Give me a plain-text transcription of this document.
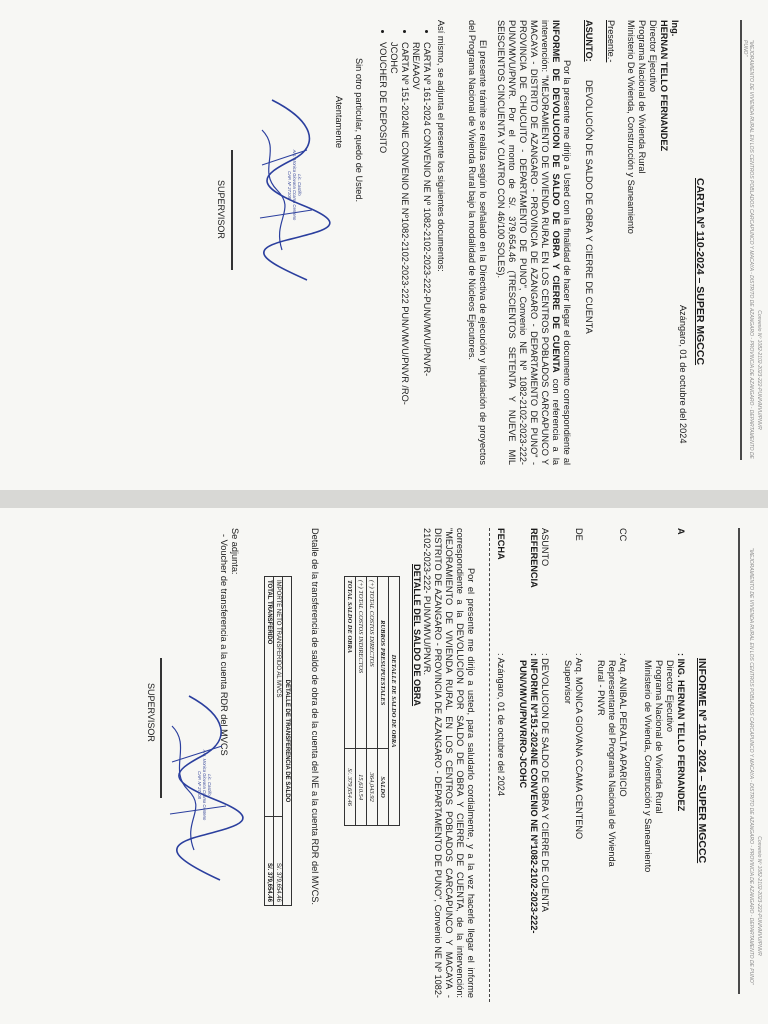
Convenio Nº 1082-2102-2023-222-PUN/VMVU/PNVR
"MEJORAMIENTO DE VIVIENDA RURAL EN LOS CENTROS POBLADOS CARCAPUNCO Y MACAYA - DISTRITO DE AZANGARO - PROVINCIA DE AZANGARO - DEPARTAMENTO DE PUNO"
CARTA Nº 110-2024 – SUPER MGCCC
Azángaro, 01 de octubre del 2024
Ing.
HERNAN TELLO FERNANDEZ
Director Ejecutivo
Programa Nacional de Vivienda Rural
Ministerio De Vivienda, Construcción y Saneamiento
Presente.-
ASUNTO:
DEVOLUCIÓN DE SALDO DE OBRA Y CIERRE DE CUENTA
Por la presente me dirijo a Usted con la finalidad de hacer llegar el documento correspondiente al INFORME DE DEVOLUCION DE SALDO DE OBRA Y CIERRE DE CUENTA con referencia a la intervención: "MEJORAMIENTO DE VIVIENDA RURAL EN LOS CENTROS POBLADOS CARCAPUNCO Y MACAYA - DISTRITO DE AZANGARO - PROVINCIA DE AZANGARO - DEPARTAMENTO DE PUNO" - PROVINCIA DE CHUCUITO - DEPARTAMENTO DE PUNO", Convenio NE Nº 1082-2102-2023-222-PUN/VMVU/PNVR. Por el monto de S/. 379,654.46 (TRESCIENTOS SETENTA Y NUEVE MIL SEISCIENTOS CINCUENTA Y CUATRO CON 46/100 SOLES).
El presente trámite se realiza según lo señalado en la Directiva de ejecución y liquidación de proyectos del Programa Nacional de Vivienda Rural bajo la modalidad de Núcleos Ejecutores.
Así mismo, se adjunta el presente los siguientes documentos:
• CARTA Nº 161-2024 CONVENIO NE Nº 1082-2102-2023-222-PUN/VMVU/PNVR-RNE/AAOV
• CARTA Nº 151-2024NE CONVENIO NE Nº1082-2102-2023-222 PUN/VMVU/PNVR /RO-JCOHC
• VOUCHER DE DEPOSITO
Sin otro particular, quedo de Usted.
Atentamente
Lic. Castillo
Arq. Monica Giovana Ccama Centeno
CAP. Nº 27108
SUPERVISOR
Convenio Nº 1082-2102-2023-222-PUN/VMVU/PNVR
"MEJORAMIENTO DE VIVIENDA RURAL EN LOS CENTROS POBLADOS CARCAPUNCO Y MACAYA - DISTRITO DE AZANGARO - PROVINCIA DE AZANGARO - DEPARTAMENTO DE PUNO"
INFORME Nº 110– 2024 – SUPER MGCCC
A
: ING. HERNAN TELLO FERNANDEZ
Director Ejecutivo
Programa Nacional de Vivienda Rural
Ministerio de Vivienda, Construcción y Saneamiento
CC
: Arq. ANIBAL PERALTA APARICIO
Representante del Programa Nacional de Vivienda
Rural - PNVR
DE
: Arq. MONICA GIOVANA CCAMA CENTENO
Supervisor
ASUNTO
: DEVOLUCION DE SALDO DE OBRA Y CIERRE DE CUENTA
REFERENCIA
: INFORME Nº151-2024NE CONVENIO NE Nº1082-2102-2023-222-
PUN/VMVU/PNVR/RO-JCOHC
FECHA
: Azángaro, 01 de octubre del 2024
Por el presente me dirijo a usted, para saludarlo cordialmente, y a la vez hacerle llegar el informe correspondiente a la DEVOLUCION POR SALDO DE OBRA Y CIERRE DE CUENTA, de la intervención: "MEJORAMIENTO DE VIVIENDA RURAL EN LOS CENTROS POBLADOS CARCAPUNCO Y MACAYA - DISTRITO DE AZANGARO - PROVINCIA DE AZANGARO - DEPARTAMENTO DE PUNO", Convenio NE Nº 1082-2102-2023-222- PUN/VMVU/PNVR.
DETALLE DEL SALDO DE OBRA
DETALLE DE SALDO DE OBRA	
RUBROS PRESUPUESTALES	SALDO
(+) TOTAL COSTOS DIRECTOS	364,043.92
(+) TOTAL COSTOS INDIRECTOS	15,610.54
TOTAL SALDO DE OBRA	S/. 379,654.46
Detalle de la transferencia de saldo de obra de la cuenta del NE a la cuenta RDR del MVCS.
DETALLE DE TRANSFERENCIA DE SALDO	
IMPORTE NETO TRANSFERIDO AL MVCS	S/. 379,654.46
TOTAL TRANSFERIDO	S/. 379,654.46
Se adjunta:
- Voucher de transferencia a la cuenta RDR del MVCS
Lic. Castillo
Arq. Monica Giovana Ccama Centeno
CAP. Nº 27108
SUPERVISOR
